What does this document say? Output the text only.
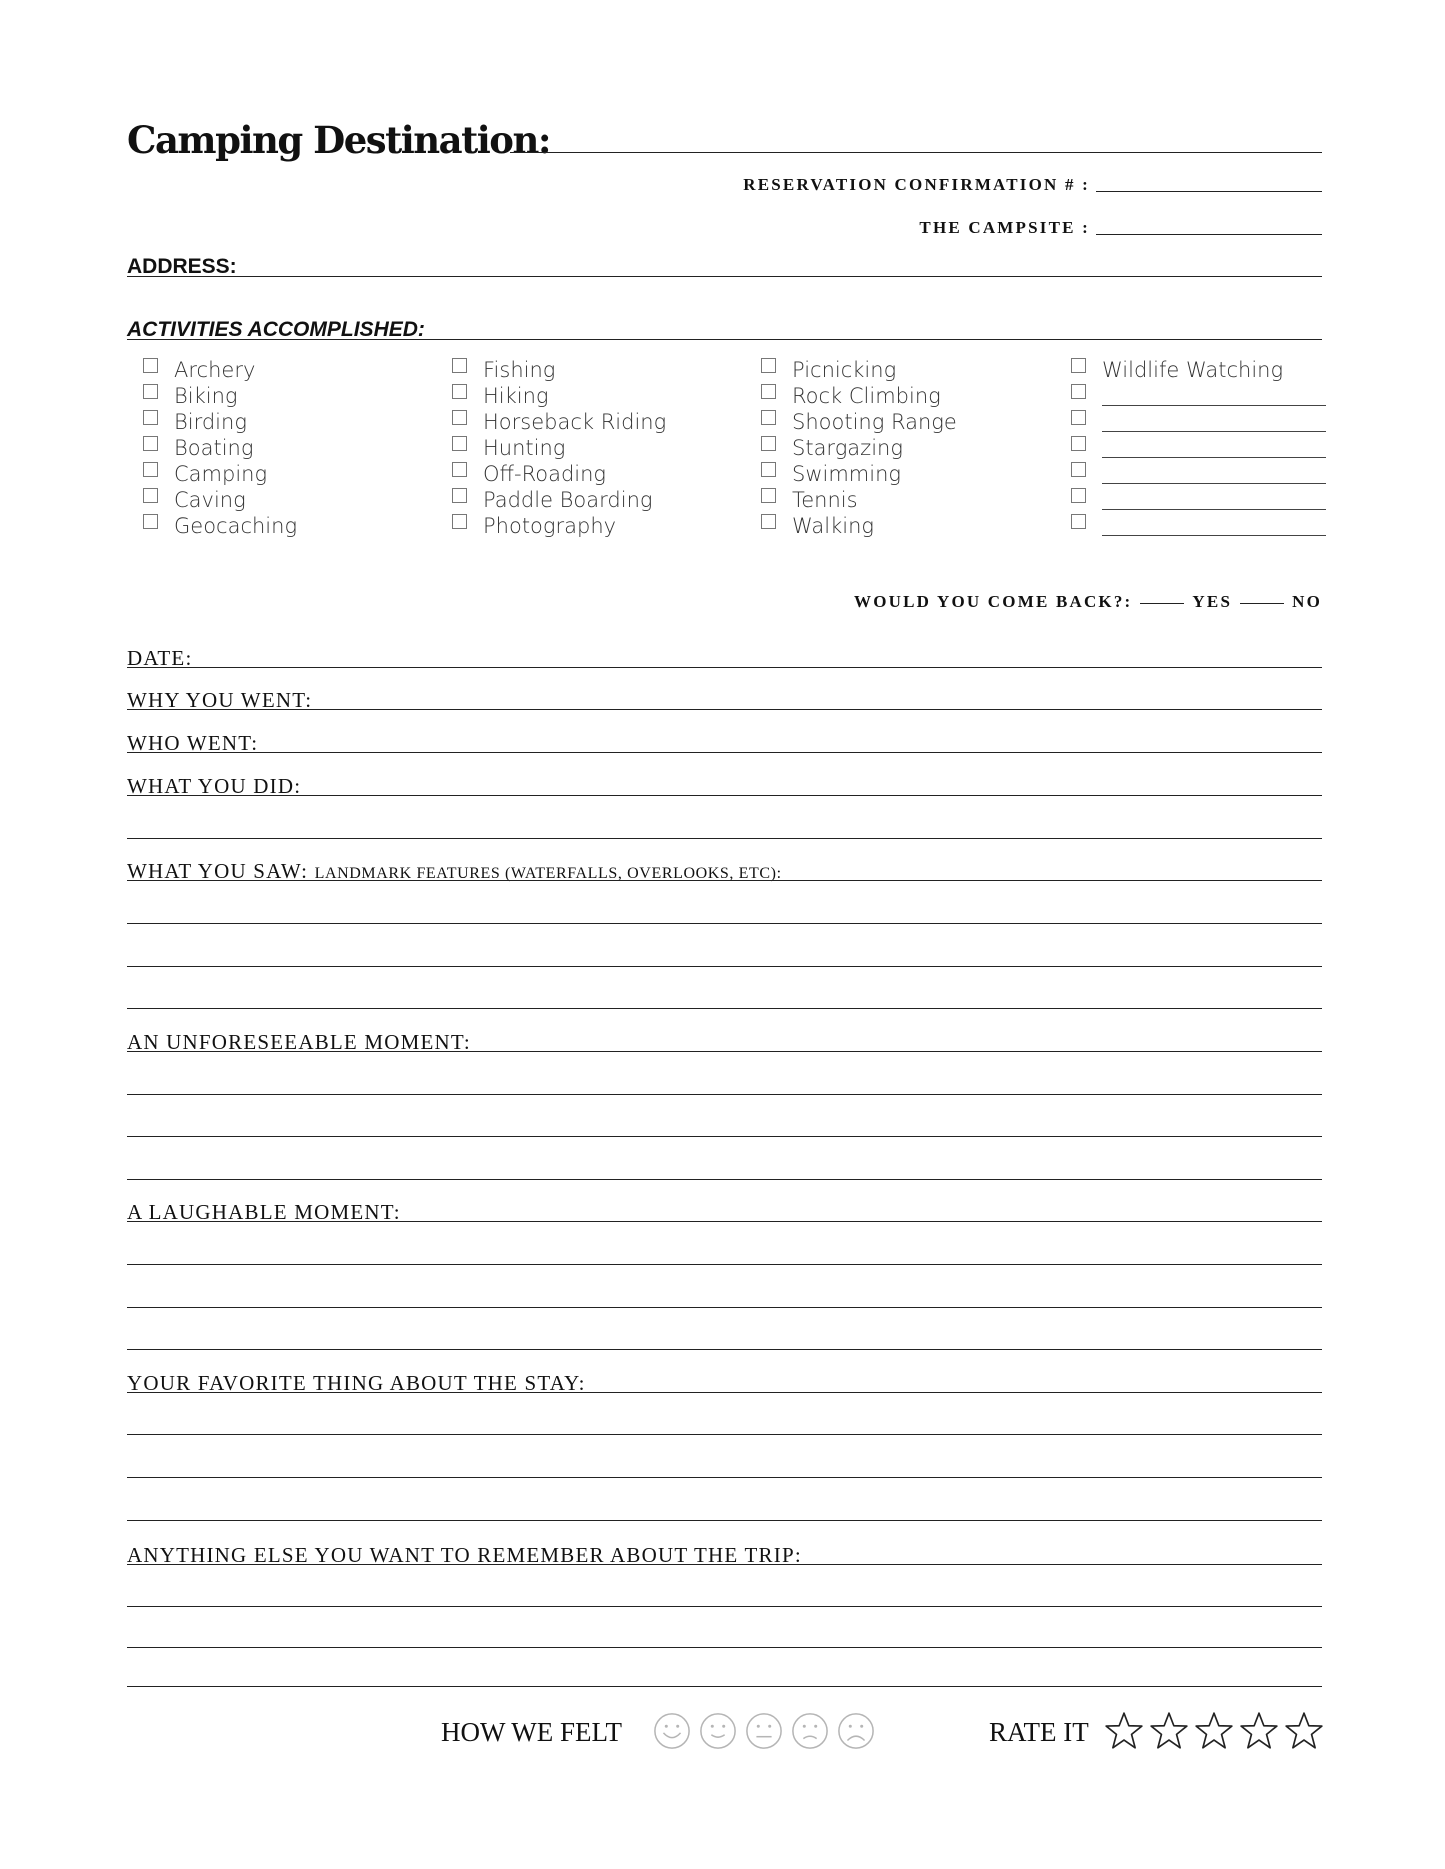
Camping Destination:
RESERVATION CONFIRMATION # :
THE CAMPSITE :
ADDRESS:
ACTIVITIES ACCOMPLISHED:
Archery
Biking
Birding
Boating
Camping
Caving
Geocaching
Fishing
Hiking
Horseback Riding
Hunting
Off-Roading
Paddle Boarding
Photography
Picnicking
Rock Climbing
Shooting Range
Stargazing
Swimming
Tennis
Walking
Wildlife Watching
WOULD YOU COME BACK?:	YES	NO
DATE:
WHY YOU WENT:
WHO WENT:
WHAT YOU DID:
WHAT YOU SAW: LANDMARK FEATURES (WATERFALLS, OVERLOOKS, ETC):
AN UNFORESEEABLE MOMENT:
A LAUGHABLE MOMENT:
YOUR FAVORITE THING ABOUT THE STAY:
ANYTHING ELSE YOU WANT TO REMEMBER ABOUT THE TRIP:
HOW WE FELT	RATE IT
